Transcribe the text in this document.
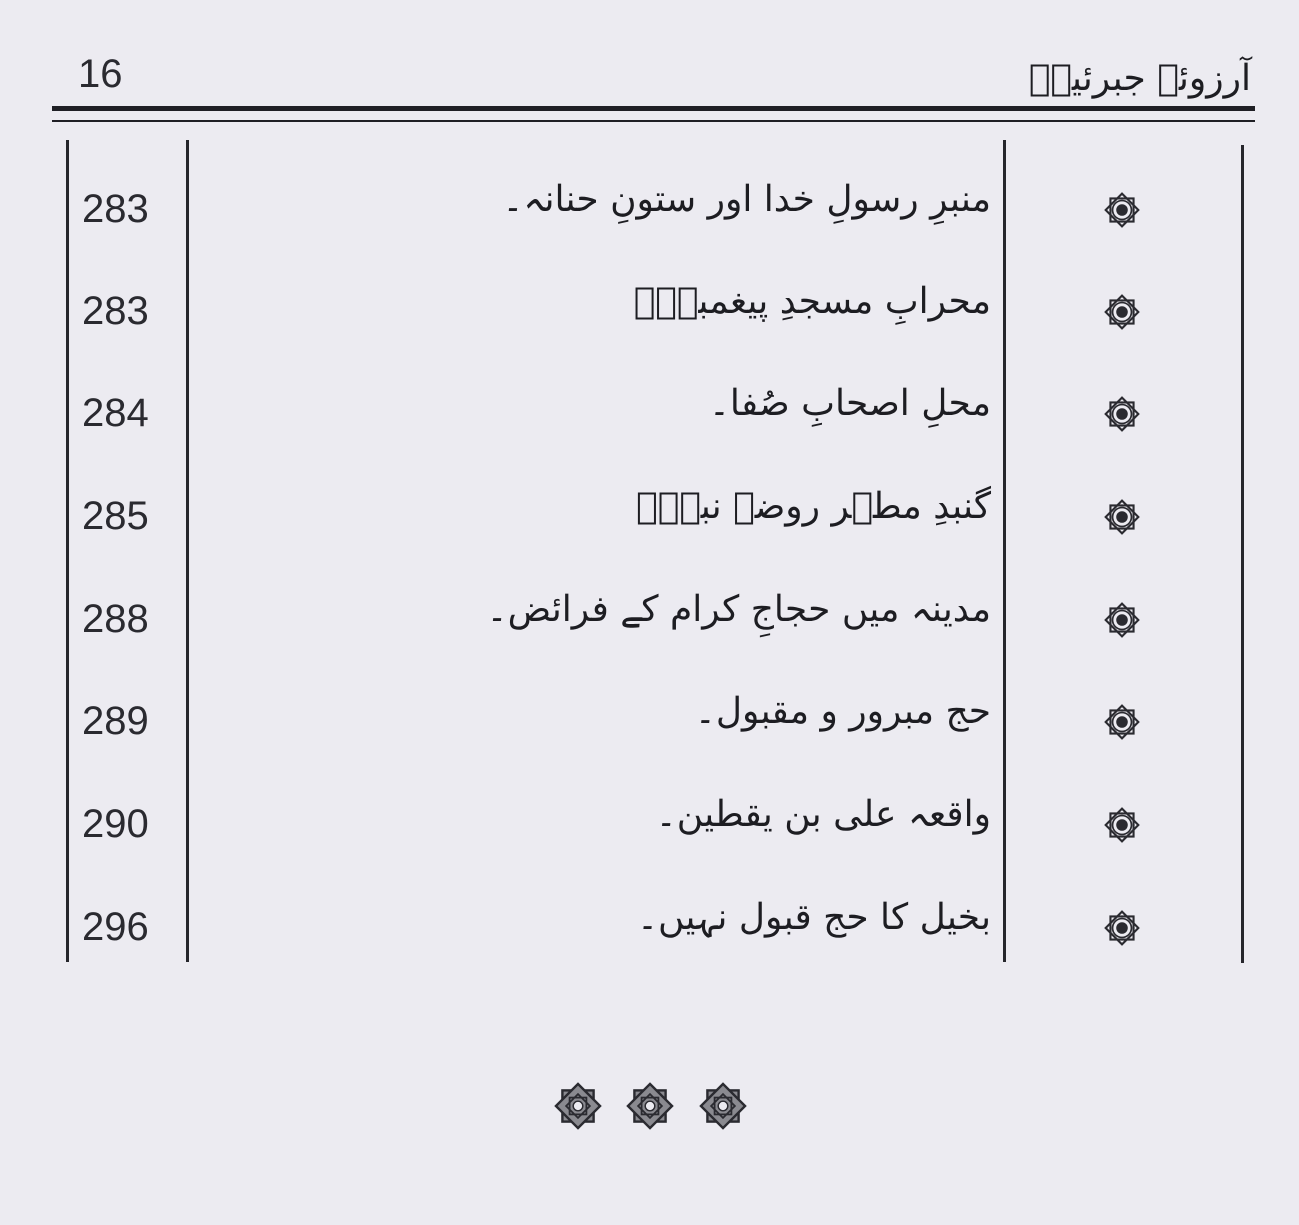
16	آرزوئے جبرئیلؑ
283	منبرِ رسولِ خدا اور ستونِ حنانہ۔
283	محرابِ مسجدِ پیغمبرؐ۔
284	محلِ اصحابِ صُفا۔
285	گنبدِ مطہر روضۂ نبیؐ۔
288	مدینہ میں حجاجِ کرام کے فرائض۔
289	حج مبرور و مقبول۔
290	واقعہ علی بن یقطین۔
296	بخیل کا حج قبول نہیں۔
